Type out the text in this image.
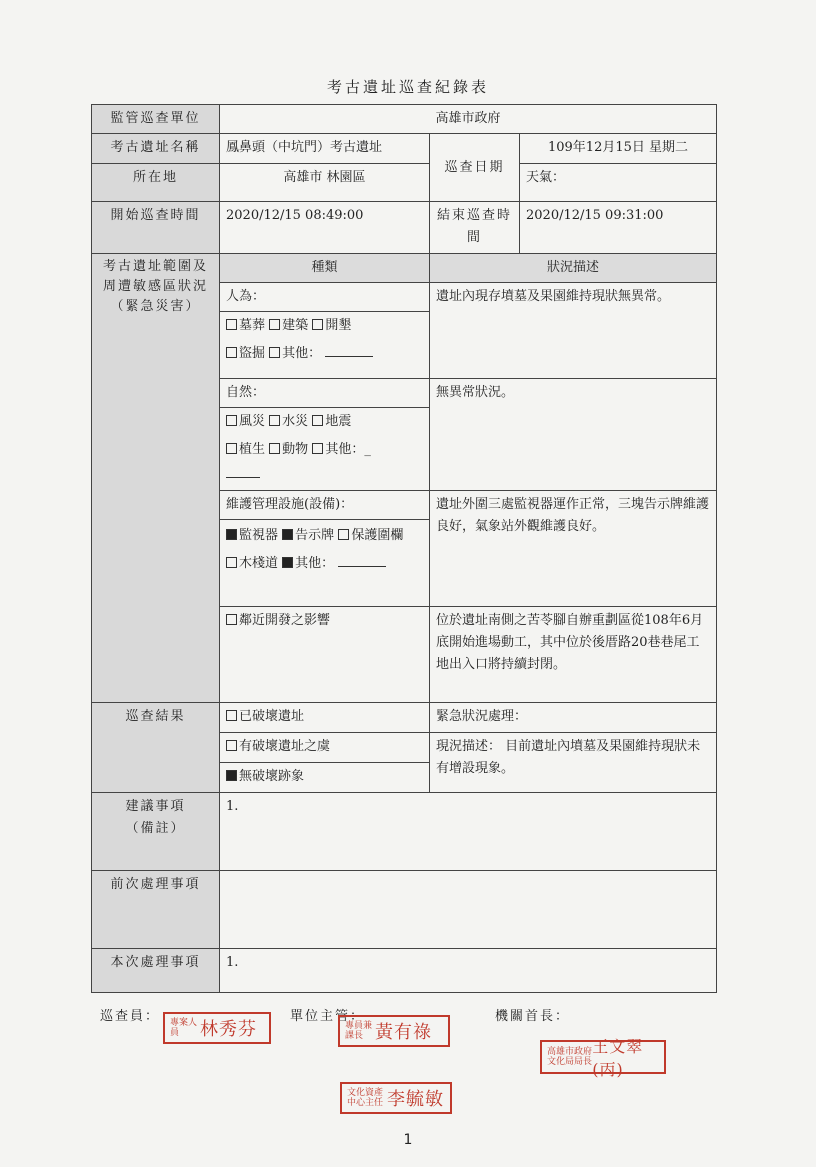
考古遺址巡查紀錄表
監管巡查單位	高雄市政府		
考古遺址名稱	鳳鼻頭（中坑門）考古遺址	巡查日期	109年12月15日 星期二
所在地	高雄市 林園區		天氣：
開始巡查時間	2020/12/15 08:49:00	結束巡查時間	2020/12/15 09:31:00
考古遺址範圍及周遭敏感區狀況（緊急災害）	種類	狀況描述	

	人為：
墓葬 建築 開墾
盜掘 其他：	遺址內現存墳墓及果園維持現狀無異常。	

	自然：
風災 水災 地震
植生 動物 其他：_	無異常狀況。	

	維護管理設施(設備)：
監視器 告示牌 保護圍欄
木棧道 其他：	遺址外圍三處監視器運作正常，三塊告示牌維護良好，氣象站外觀維護良好。	
	鄰近開發之影響	位於遺址南側之苦苓腳自辦重劃區從108年6月底開始進場動工，其中位於後厝路20巷巷尾工地出入口將持續封閉。	
巡查結果	已破壞遺址	緊急狀況處理：	
	有破壞遺址之虞	現況描述： 目前遺址內墳墓及果園維持現狀未有增設現象。	
	無破壞跡象		

建議事項
（備註）	1.		
前次處理事項			
本次處理事項	1.		
巡查員：	單位主管：	機關首長：
專案人員	林秀芬	專員兼課長 黃有祿
高雄市政府文化局局長
王文翠(丙)
文化資產中心主任 李毓敏
1
